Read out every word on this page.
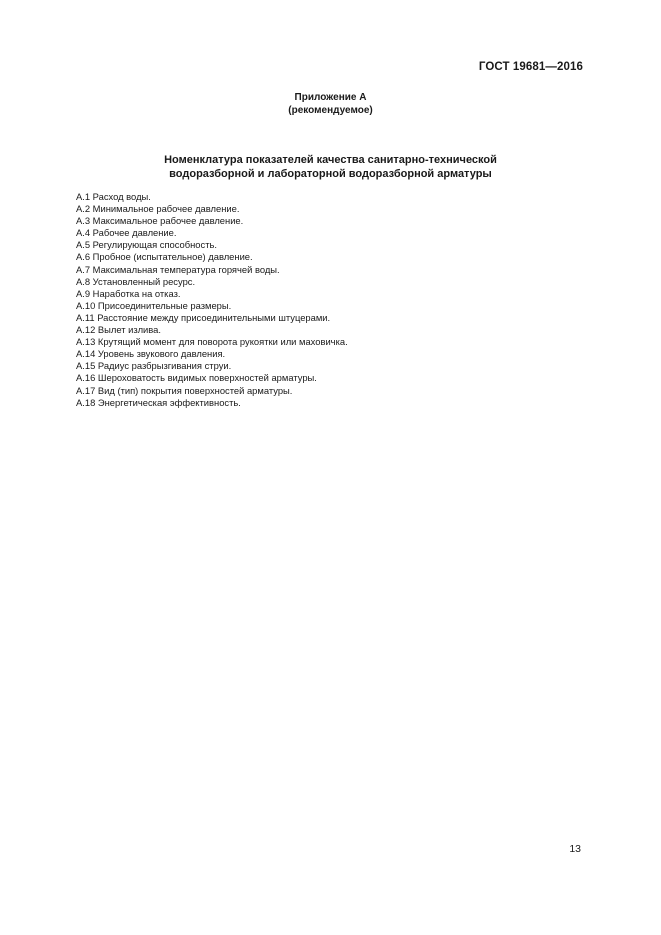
ГОСТ 19681—2016
Приложение А
(рекомендуемое)
Номенклатура показателей качества санитарно-технической
водоразборной и лабораторной водоразборной арматуры
А.1 Расход воды.
А.2 Минимальное рабочее давление.
А.3 Максимальное рабочее давление.
А.4 Рабочее давление.
А.5 Регулирующая способность.
А.6 Пробное (испытательное) давление.
А.7 Максимальная температура горячей воды.
А.8 Установленный ресурс.
А.9 Наработка на отказ.
А.10 Присоединительные размеры.
А.11 Расстояние между присоединительными штуцерами.
А.12 Вылет излива.
А.13 Крутящий момент для поворота рукоятки или маховичка.
А.14 Уровень звукового давления.
А.15 Радиус разбрызгивания струи.
А.16 Шероховатость видимых поверхностей арматуры.
А.17 Вид (тип) покрытия поверхностей арматуры.
А.18 Энергетическая эффективность.
13
